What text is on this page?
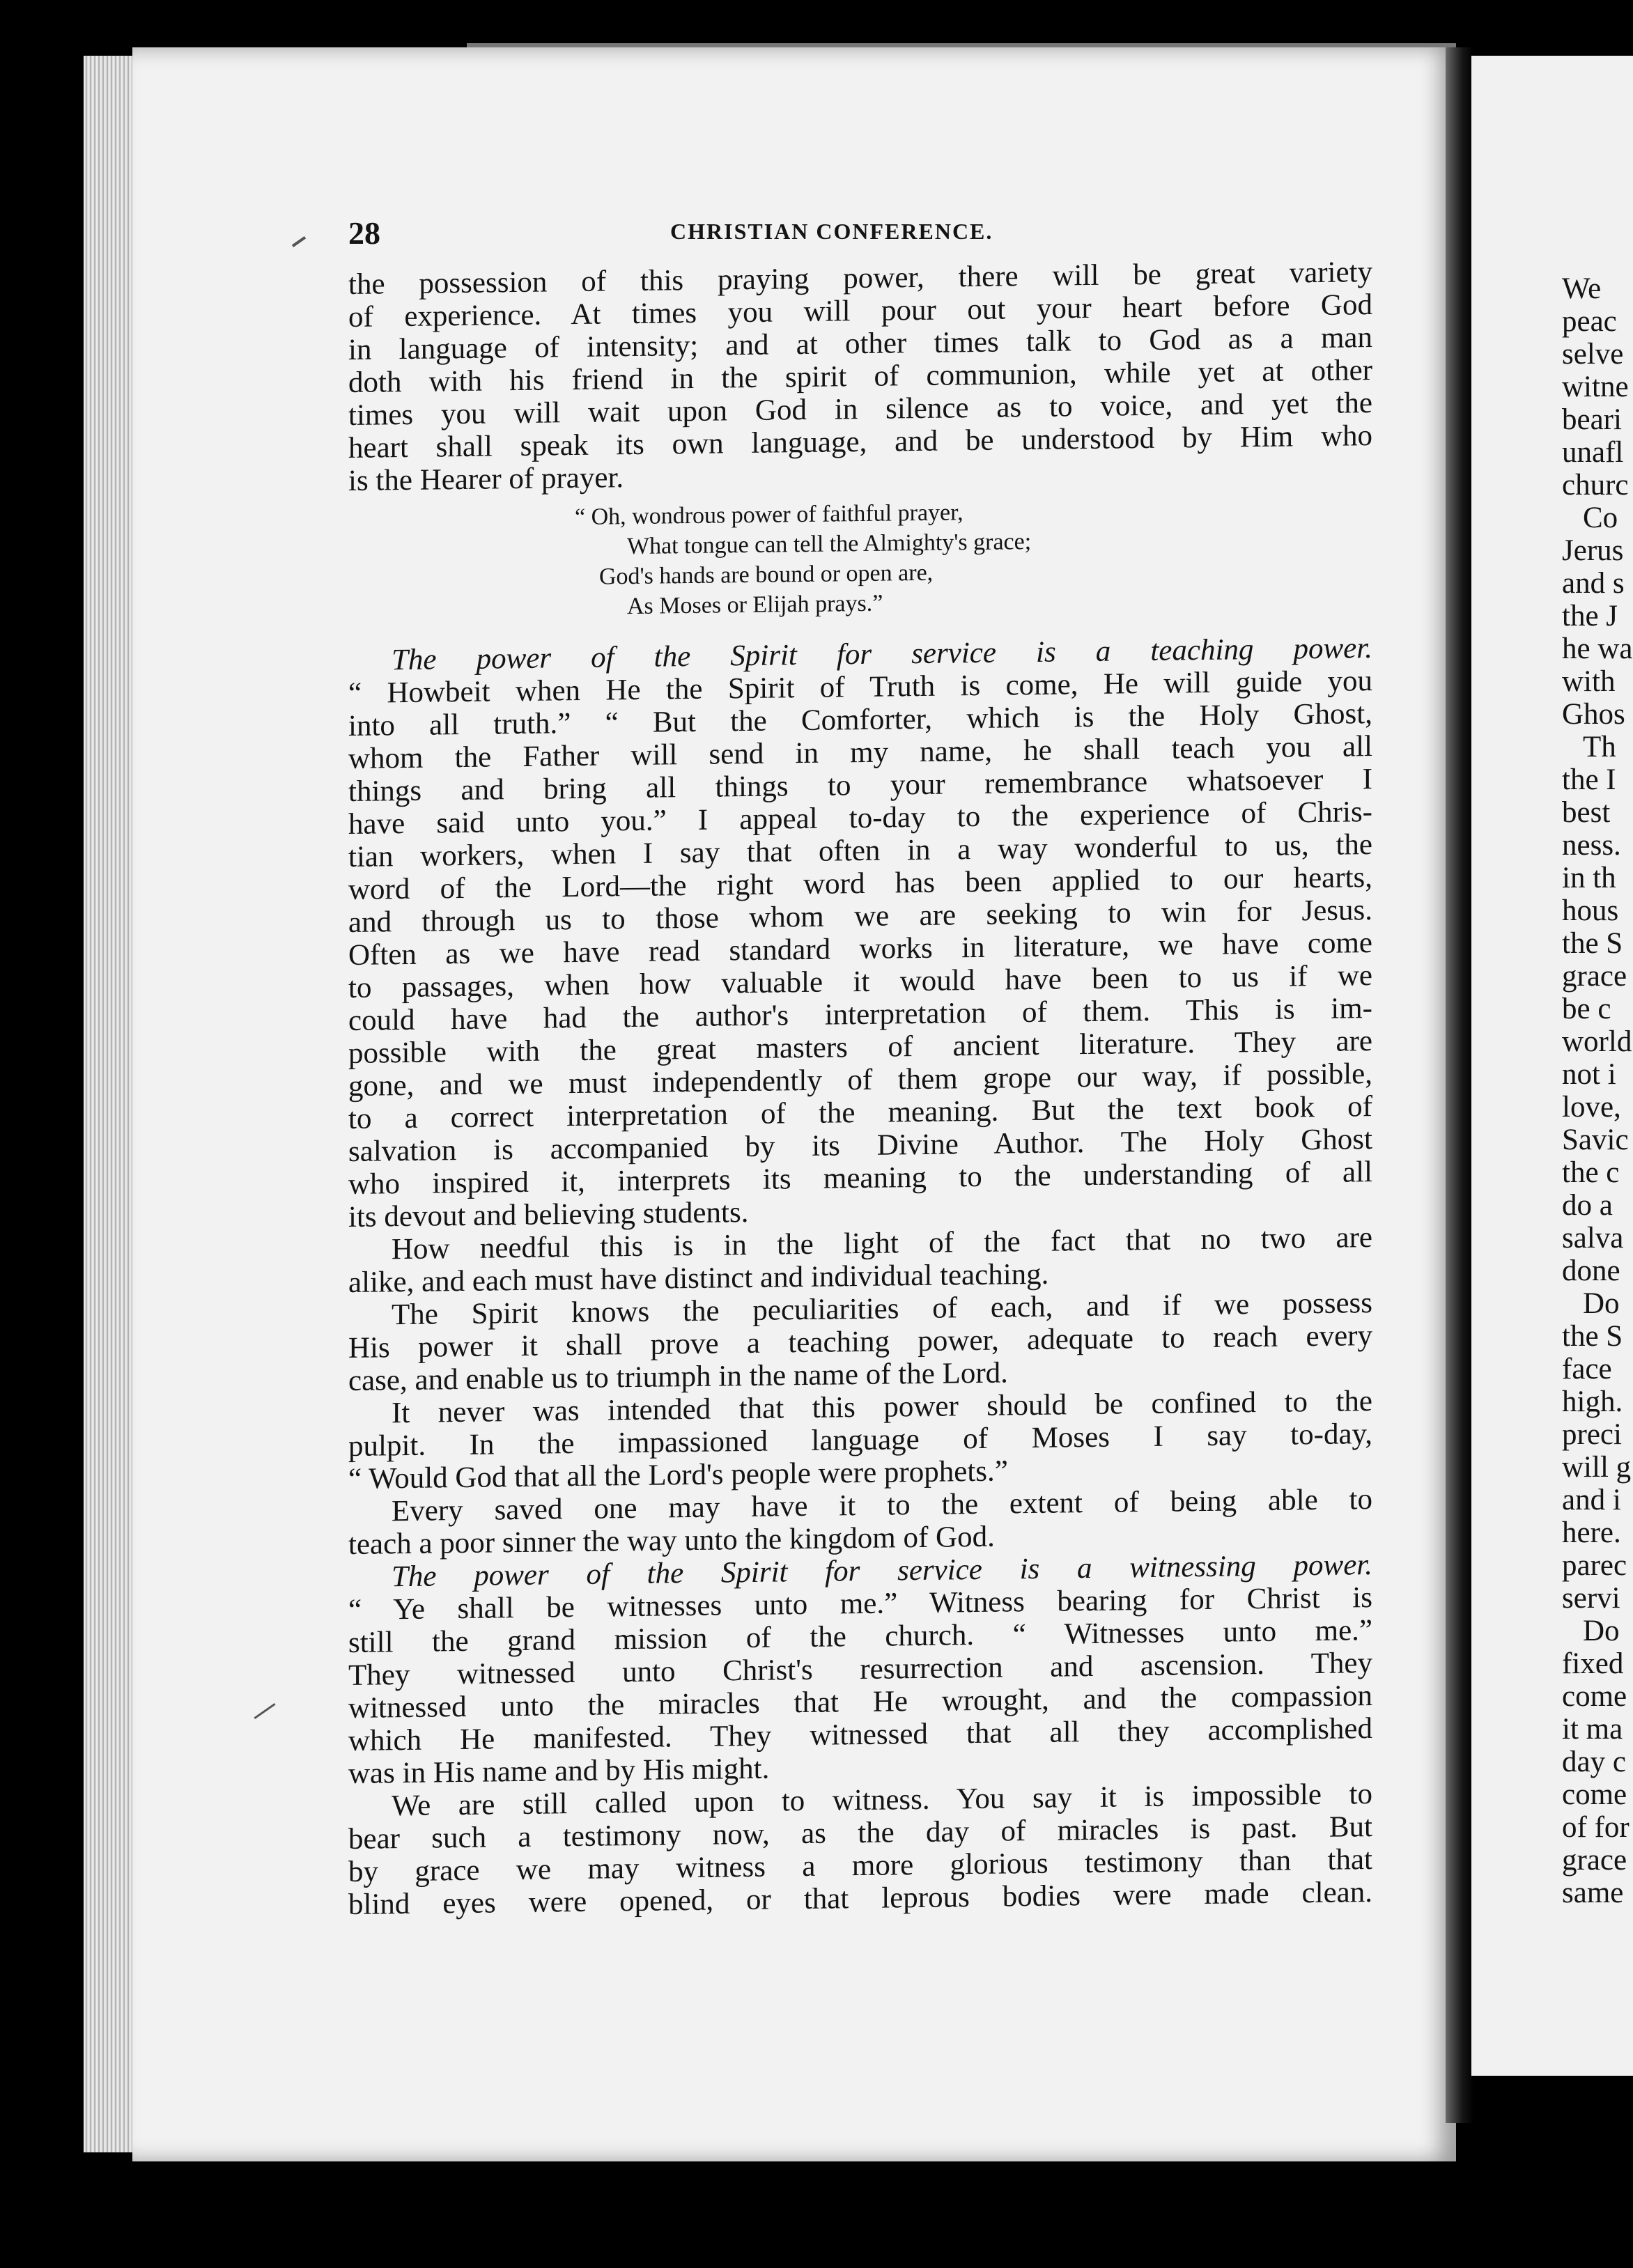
We
peac
selve
witne
beari
unafl
churc
Co
Jerus
and s
the J
he wa
with
Ghos
Th
the I
best
ness.
in th
hous
the S
grace
be c
world
not i
love,
Savic
the c
do a
salva
done
Do
the S
face
high.
preci
will g
and i
here.
parec
servi
Do
fixed
come
it ma
day c
come
of for
grace
same
28	CHRISTIAN CONFERENCE.
the possession of this praying power, there will be great variety
of experience. At times you will pour out your heart before God
in language of intensity; and at other times talk to God as a man
doth with his friend in the spirit of communion, while yet at other
times you will wait upon God in silence as to voice, and yet the
heart shall speak its own language, and be understood by Him who
is the Hearer of prayer.
“ Oh, wondrous power of faithful prayer,
What tongue can tell the Almighty's grace;
God's hands are bound or open are,
As Moses or Elijah prays.”
The power of the Spirit for service is a teaching power.
“ Howbeit when He the Spirit of Truth is come, He will guide you
into all truth.” “ But the Comforter, which is the Holy Ghost,
whom the Father will send in my name, he shall teach you all
things and bring all things to your remembrance whatsoever I
have said unto you.” I appeal to-day to the experience of Chris-
tian workers, when I say that often in a way wonderful to us, the
word of the Lord—the right word has been applied to our hearts,
and through us to those whom we are seeking to win for Jesus.
Often as we have read standard works in literature, we have come
to passages, when how valuable it would have been to us if we
could have had the author's interpretation of them. This is im-
possible with the great masters of ancient literature. They are
gone, and we must independently of them grope our way, if possible,
to a correct interpretation of the meaning. But the text book of
salvation is accompanied by its Divine Author. The Holy Ghost
who inspired it, interprets its meaning to the understanding of all
its devout and believing students.
How needful this is in the light of the fact that no two are
alike, and each must have distinct and individual teaching.
The Spirit knows the peculiarities of each, and if we possess
His power it shall prove a teaching power, adequate to reach every
case, and enable us to triumph in the name of the Lord.
It never was intended that this power should be confined to the
pulpit. In the impassioned language of Moses I say to-day,
“ Would God that all the Lord's people were prophets.”
Every saved one may have it to the extent of being able to
teach a poor sinner the way unto the kingdom of God.
The power of the Spirit for service is a witnessing power.
“ Ye shall be witnesses unto me.” Witness bearing for Christ is
still the grand mission of the church. “ Witnesses unto me.”
They witnessed unto Christ's resurrection and ascension. They
witnessed unto the miracles that He wrought, and the compassion
which He manifested. They witnessed that all they accomplished
was in His name and by His might.
We are still called upon to witness. You say it is impossible to
bear such a testimony now, as the day of miracles is past. But
by grace we may witness a more glorious testimony than that
blind eyes were opened, or that leprous bodies were made clean.
